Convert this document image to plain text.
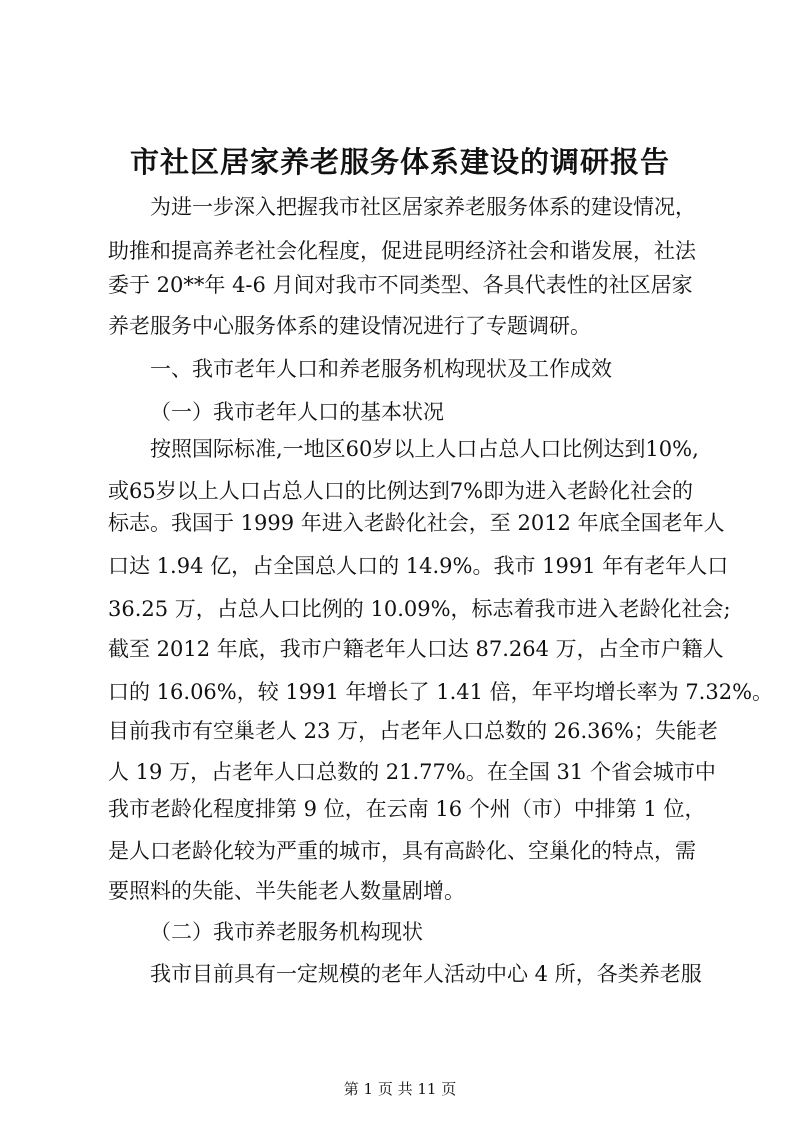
市社区居家养老服务体系建设的调研报告

为进一步深入把握我市社区居家养老服务体系的建设情况，

助推和提高养老社会化程度，促进昆明经济社会和谐发展，社法

委于 20**年 4-6 月间对我市不同类型、各具代表性的社区居家

养老服务中心服务体系的建设情况进行了专题调研。

一、我市老年人口和养老服务机构现状及工作成效

（一）我市老年人口的基本状况

按照国际标准,一地区60岁以上人口占总人口比例达到10%,

或65岁以上人口占总人口的比例达到7%即为进入老龄化社会的

标志。我国于 1999 年进入老龄化社会，至 2012 年底全国老年人

口达 1.94 亿，占全国总人口的 14.9%。我市 1991 年有老年人口

36.25 万，占总人口比例的 10.09%，标志着我市进入老龄化社会;

截至 2012 年底，我市户籍老年人口达 87.264 万，占全市户籍人

口的 16.06%，较 1991 年增长了 1.41 倍，年平均增长率为 7.32%。

目前我市有空巢老人 23 万，占老年人口总数的 26.36%；失能老

人 19 万，占老年人口总数的 21.77%。在全国 31 个省会城市中

我市老龄化程度排第 9 位，在云南 16 个州（市）中排第 1 位，

是人口老龄化较为严重的城市，具有高龄化、空巢化的特点，需

要照料的失能、半失能老人数量剧增。

（二）我市养老服务机构现状

我市目前具有一定规模的老年人活动中心 4 所，各类养老服

第 1 页 共 11 页
